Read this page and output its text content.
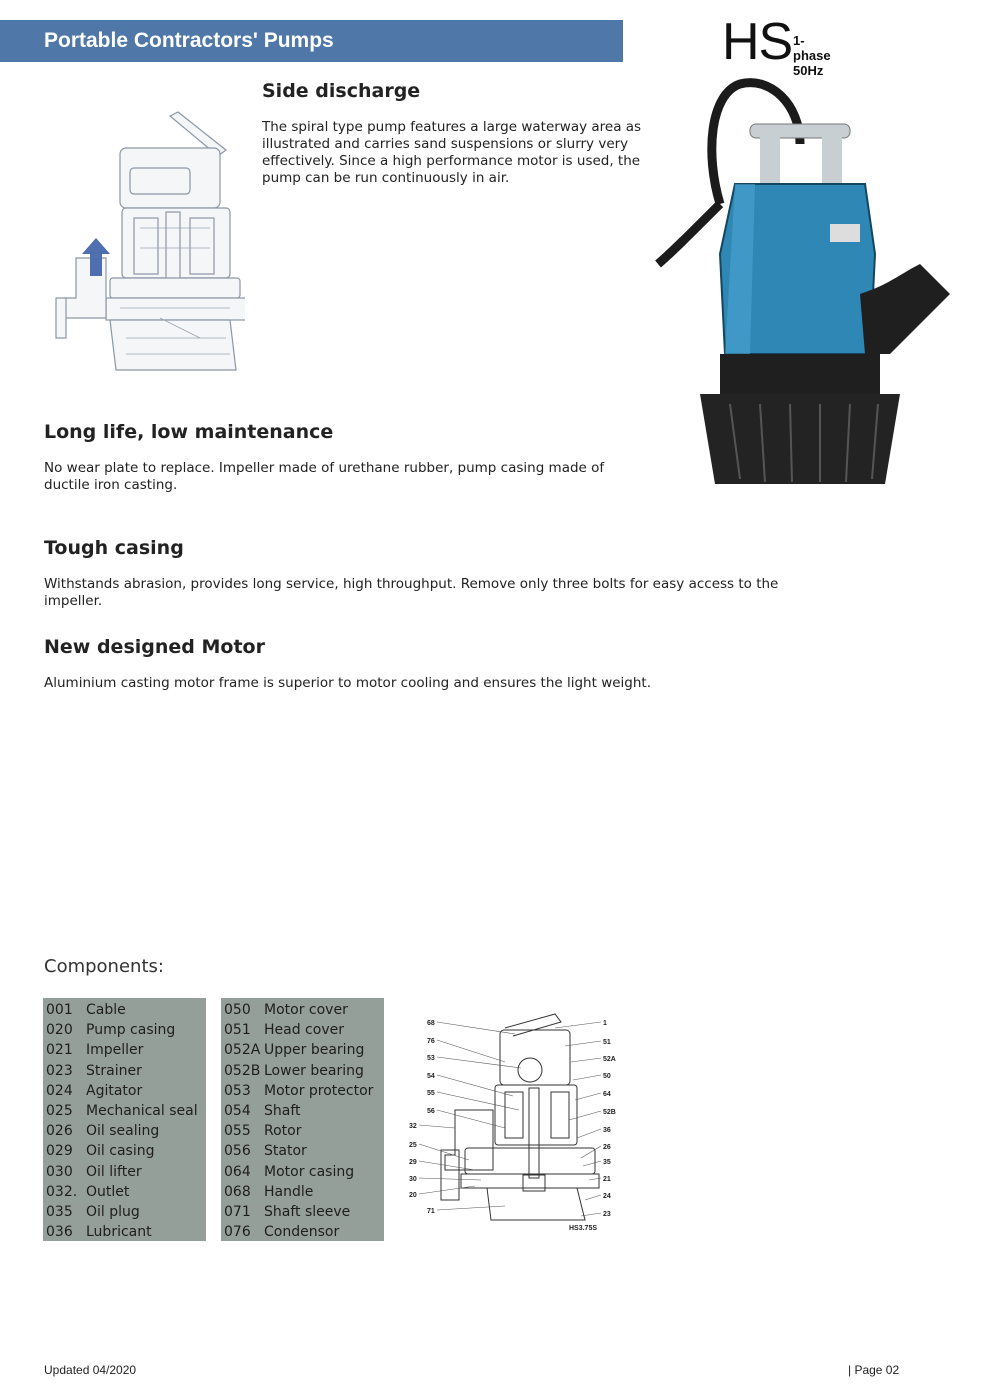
Portable Contractors' Pumps	HS 1-phase
50Hz
Side discharge

The spiral type pump features a large waterway area as illustrated and carries sand suspensions or slurry very effectively. Since a high performance motor is used, the pump can be run continuously in air.

Long life, low maintenance

No wear plate to replace. Impeller made of urethane rubber, pump casing made of ductile iron casting.

Tough casing

Withstands abrasion, provides long service, high throughput. Remove only three bolts for easy access to the impeller.

New designed Motor

Aluminium casting motor frame is superior to motor cooling and ensures the light weight.

Components:
001 Cable
020 Pump casing
021 Impeller
023 Strainer
024 Agitator
025 Mechanical seal
026 Oil sealing
029 Oil casing
030 Oil lifter
032. Outlet
035 Oil plug
036 Lubricant
050 Motor cover
051 Head cover
052A Upper bearing
052B Lower bearing
053 Motor protector
054 Shaft
055 Rotor
056 Stator
064 Motor casing
068 Handle
071 Shaft sleeve
076 Condensor
68
76
53
54
55
56
32
25
29
30
20
71
1
51
52A
50
64
52B
36
26
35
21
24
23
HS3.75S
Updated 04/2020	| Page 02
